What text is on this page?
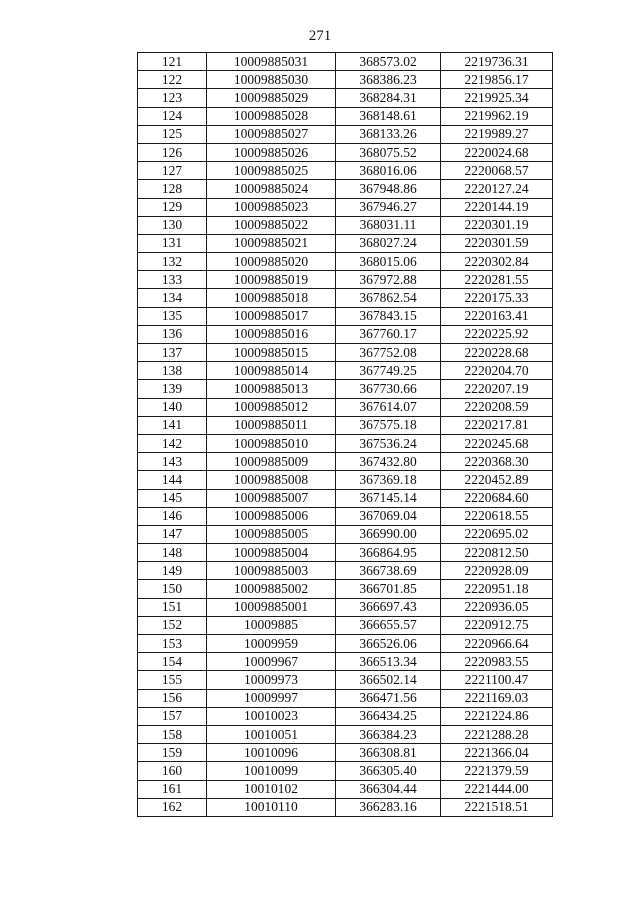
271
121	10009885031	368573.02	2219736.31
122	10009885030	368386.23	2219856.17
123	10009885029	368284.31	2219925.34
124	10009885028	368148.61	2219962.19
125	10009885027	368133.26	2219989.27
126	10009885026	368075.52	2220024.68
127	10009885025	368016.06	2220068.57
128	10009885024	367948.86	2220127.24
129	10009885023	367946.27	2220144.19
130	10009885022	368031.11	2220301.19
131	10009885021	368027.24	2220301.59
132	10009885020	368015.06	2220302.84
133	10009885019	367972.88	2220281.55
134	10009885018	367862.54	2220175.33
135	10009885017	367843.15	2220163.41
136	10009885016	367760.17	2220225.92
137	10009885015	367752.08	2220228.68
138	10009885014	367749.25	2220204.70
139	10009885013	367730.66	2220207.19
140	10009885012	367614.07	2220208.59
141	10009885011	367575.18	2220217.81
142	10009885010	367536.24	2220245.68
143	10009885009	367432.80	2220368.30
144	10009885008	367369.18	2220452.89
145	10009885007	367145.14	2220684.60
146	10009885006	367069.04	2220618.55
147	10009885005	366990.00	2220695.02
148	10009885004	366864.95	2220812.50
149	10009885003	366738.69	2220928.09
150	10009885002	366701.85	2220951.18
151	10009885001	366697.43	2220936.05
152	10009885	366655.57	2220912.75
153	10009959	366526.06	2220966.64
154	10009967	366513.34	2220983.55
155	10009973	366502.14	2221100.47
156	10009997	366471.56	2221169.03
157	10010023	366434.25	2221224.86
158	10010051	366384.23	2221288.28
159	10010096	366308.81	2221366.04
160	10010099	366305.40	2221379.59
161	10010102	366304.44	2221444.00
162	10010110	366283.16	2221518.51
